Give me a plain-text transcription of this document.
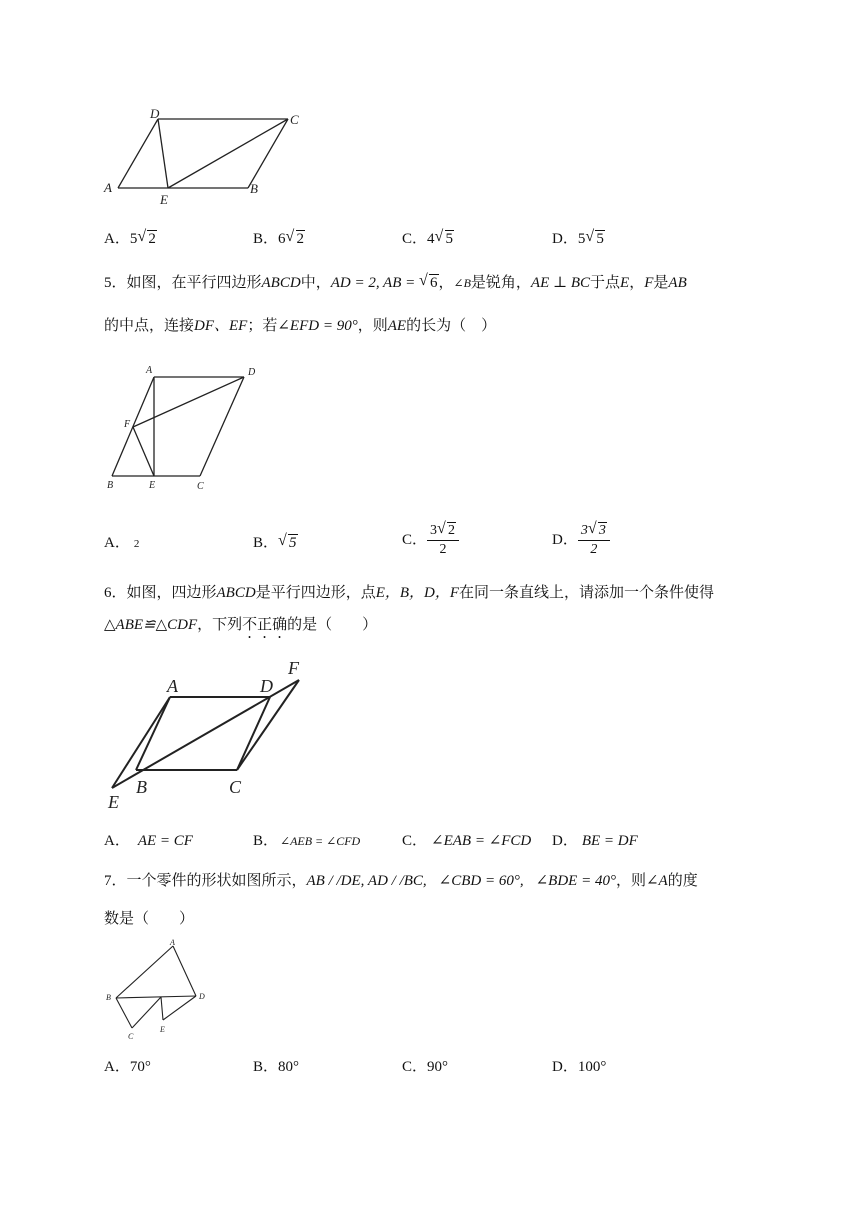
A
D	C
B
E
A．5 √ 2	B．6 √ 2	C．4 √ 5	D．5 √ 5
5．如图，在平行四边形ABCD中，AD = 2, AB = √ 6，∠B是锐角，AE ⊥ BC于点E，F是AB
的中点，连接DF、EF；若∠EFD = 90°，则AE的长为（　）
A	D
F
B	E	C
A． 2	B． √ 5	C． $\frac{3 √ 2}{2}$	D． $\frac{3 √ 3}{2}$
6．如图，四边形ABCD是平行四边形，点E，B，D，F在同一条直线上，请添加一个条件使得
△ABE≌△CDF，下列不正确的是（　　）
A	D
F
B	C
E
A． AE = CF	B． ∠AEB = ∠CFD	C． ∠EAB = ∠FCD D． BE = DF
7．一个零件的形状如图所示，AB / /DE, AD / /BC, ∠CBD = 60°, ∠BDE = 40°，则∠A的度
数是（　　）
A
B	D
E
C
A．70°	B．80°	C．90°	D．100°
